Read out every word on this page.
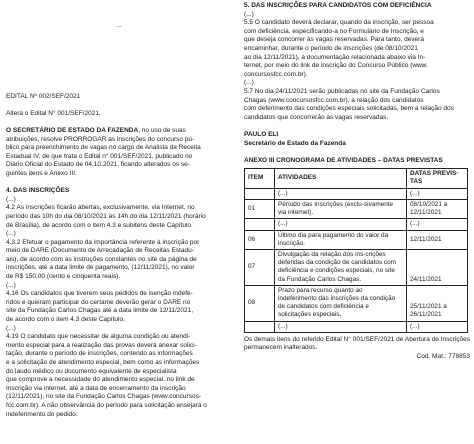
...
EDITAL Nº 002/SEF/2021
Altera o Edital N° 001/SEF/2021.
O SECRETÁRIO DE ESTADO DA FAZENDA, no uso de suas
atribuições, resolve PRORROGAR as inscrições do concurso pú-
blico para preenchimento de vagas no cargo de Analista da Receita
Estadual IV, de que trata o Edital n° 001/SEF/2021, publicado no
Diário Oficial do Estado de 04.10.2021, ficando alterados os se-
guintes itens e Anexo III:
4. DAS INSCRIÇÕES
(...)
4.2 As inscrições ficarão abertas, exclusivamente, via Internet, no
período das 10h do dia 08/10/2021 às 14h do dia 12/11/2021 (horário
de Brasília), de acordo com o item 4.3 e subitens deste Capítulo.
(...)
4.3.2 Efetuar o pagamento da importância referente à inscrição por
meio de DARE (Documento de Arrecadação de Receitas Estadu-
ais), de acordo com as instruções constantes no site da página de
inscrições, até a data limite de pagamento, (12/11/2021), no valor
de R$ 150,00 (cento e cinquenta reais).
(...)
4.16 Os candidatos que tiverem seus pedidos de isenção indefe-
ridos e queiram participar do certame deverão gerar o DARE no
site da Fundação Carlos Chagas até a data limite de 12/11/2021,
de acordo com o item 4.3 deste Capítulo.
(...)
4.19 O candidato que necessitar de alguma condição ou atendi-
mento especial para a realização das provas deverá anexar solici-
tação, durante o período de inscrições, contendo as informações
e a solicitação de atendimento especial, bem como as informações
do laudo médico ou documento equivalente de especialista
que comprove a necessidade do atendimento especial, no link de
Inscrição via internet, até a data de encerramento da inscrição
(12/11/2021), no site da Fundação Carlos Chagas (www.concursos-
fcc.com.br). A não observância do período para solicitação ensejará o
indeferimento do pedido.
5. DAS INSCRIÇÕES PARA CANDIDATOS COM DEFICIÊNCIA
(...)
5.5 O candidato deverá declarar, quando da inscrição, ser pessoa
com deficiência, especificando-a no Formulário de Inscrição, e
que deseja concorrer às vagas reservadas. Para tanto, deverá
encaminhar, durante o período de inscrições (de 08/10/2021
ao dia 12/11/2021), a documentação relacionada abaixo via In-
ternet, por meio do link de inscrição do Concurso Público (www.
concursosfcc.com.br).
(...)
5.7 No dia 24/11/2021 serão publicadas no site da Fundação Carlos
Chagas (www.concursosfcc.com.br), a relação dos candidatos
com deferimento das condições especiais solicitadas, bem a relação dos
candidatos que concorrerão às vagas reservadas.
PAULO ELI
Secretário de Estado da Fazenda
ANEXO III CRONOGRAMA DE ATIVIDADES – DATAS PREVISTAS
ITEM	ATIVIDADES	DATAS PREVIS-TAS
	(...)	(...)
01	Período das Inscrições (exclu-sivamente via internet).	08/10/2021 a 12/11/2021
	(...)	(...)
06	Último dia para pagamento do valor da inscrição.	12/11/2021
07	Divulgação da relação dos ins-crições deferidas da condição de candidatos com deficiência e condições especiais, no site da Fundação Carlos Chagas.	24/11/2021
08	Prazo para recurso quanto ao indeferimento das inscrições da condição de candidatos com deficiência e solicitações especiais.	25/11/2021 a 26/11/2021
	(...)	(...)

Os demais itens do referido Edital N° 001/SEF/2021 de Abertura de Inscrições permanecem inalterados.

Cod. Mat.: 778853
